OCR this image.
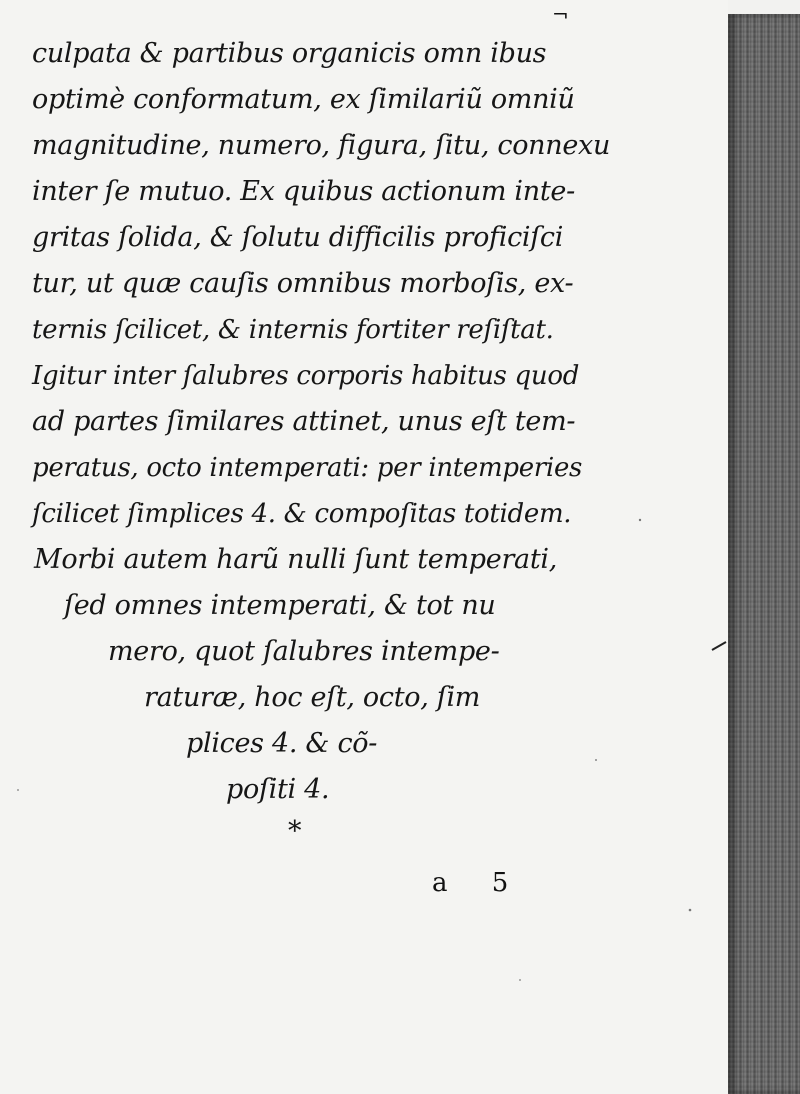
¬
culpata & partibus organicis omn ibus
optimè conformatum, ex ſimilariũ omniũ
magnitudine, numero, figura, ſitu, connexu
inter ſe mutuo. Ex quibus actionum inte-
gritas ſolida, & ſolutu difficilis proficiſci
tur, ut quæ cauſis omnibus morboſis, ex-
ternis ſcilicet, & internis fortiter reſiſtat.
Igitur inter ſalubres corporis habitus quod
ad partes ſimilares attinet, unus eſt tem-
peratus, octo intemperati: per intemperies
ſcilicet ſimplices 4. & compoſitas totidem.
Morbi autem harũ nulli ſunt temperati,
ſed omnes intemperati, & tot nu
mero, quot ſalubres intempe-
raturæ, hoc eſt, octo, ſim
plices 4. & cõ-
poſiti 4.
*
a 5
